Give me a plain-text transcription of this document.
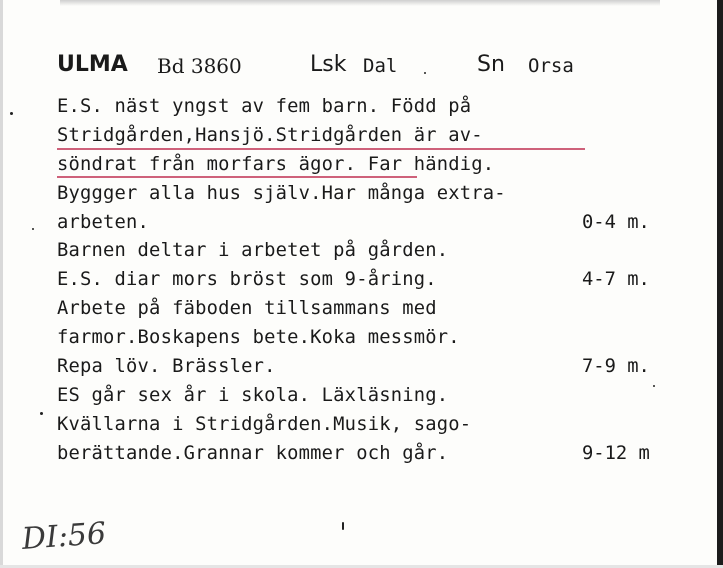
ULMA Bd 3860	Lsk Dal	Sn Orsa
E.S. näst yngst av fem barn. Född på
Stridgården,Hansjö.Stridgården är av-
söndrat från morfars ägor. Far händig.
Byggger alla hus själv.Har många extra-
arbeten.
Barnen deltar i arbetet på gården.
E.S. diar mors bröst som 9-åring.
Arbete på fäboden tillsammans med
farmor.Boskapens bete.Koka messmör.
Repa löv. Brässler.
ES går sex år i skola. Läxläsning.
Kvällarna i Stridgården.Musik, sago-
berättande.Grannar kommer och går.
0-4 m.
4-7 m.
7-9 m.
9-12 m
DI:56
